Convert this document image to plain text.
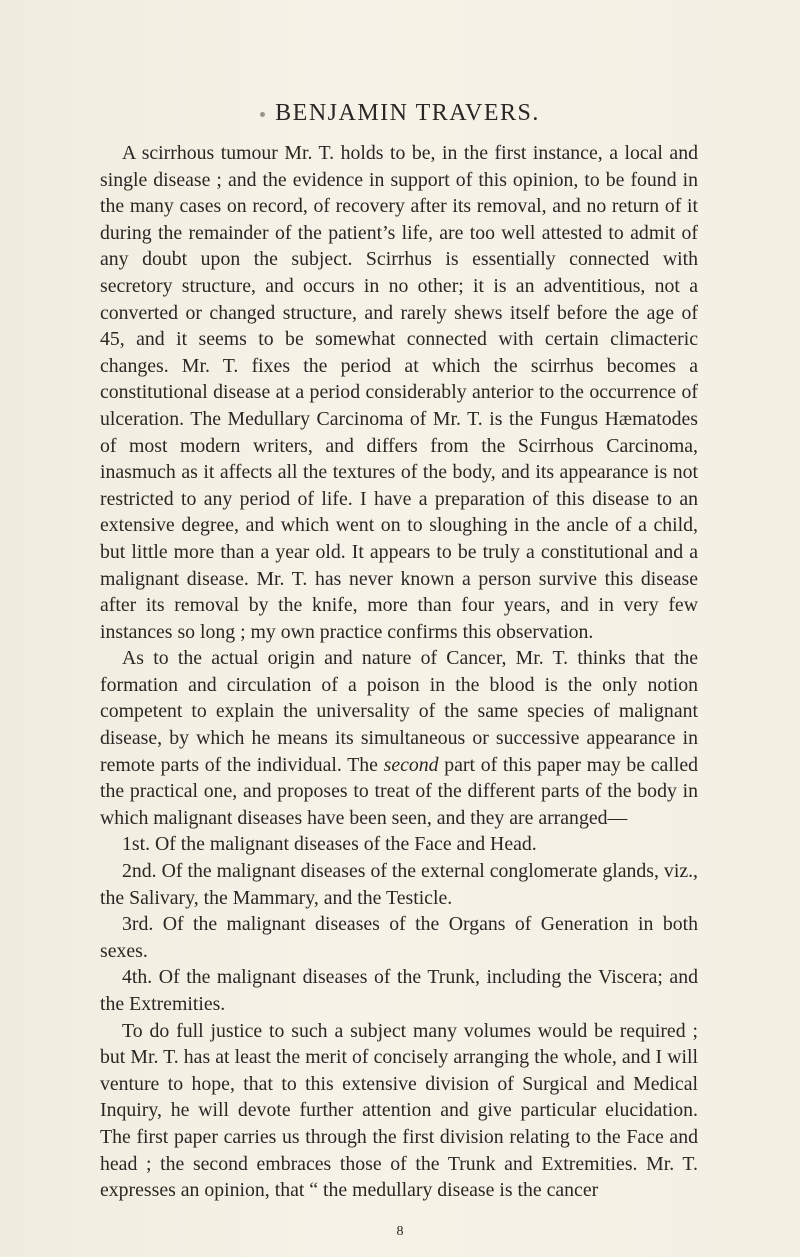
BENJAMIN TRAVERS.

A scirrhous tumour Mr. T. holds to be, in the first instance, a local and single disease ; and the evidence in support of this opinion, to be found in the many cases on record, of recovery after its removal, and no return of it during the remainder of the patient’s life, are too well attested to admit of any doubt upon the subject. Scirrhus is essentially connected with secretory structure, and occurs in no other; it is an adventitious, not a converted or changed structure, and rarely shews itself before the age of 45, and it seems to be somewhat connected with certain climacteric changes. Mr. T. fixes the period at which the scirrhus becomes a constitutional disease at a period considerably anterior to the occurrence of ulceration. The Medullary Carcinoma of Mr. T. is the Fungus Hæmatodes of most modern writers, and differs from the Scirrhous Carcinoma, inasmuch as it affects all the textures of the body, and its appearance is not restricted to any period of life. I have a preparation of this disease to an extensive degree, and which went on to sloughing in the ancle of a child, but little more than a year old. It appears to be truly a constitutional and a malignant disease. Mr. T. has never known a person survive this disease after its removal by the knife, more than four years, and in very few instances so long ; my own practice confirms this observation.

As to the actual origin and nature of Cancer, Mr. T. thinks that the formation and circulation of a poison in the blood is the only notion competent to explain the universality of the same species of malignant disease, by which he means its simultaneous or successive appearance in remote parts of the individual. The second part of this paper may be called the practical one, and proposes to treat of the different parts of the body in which malignant diseases have been seen, and they are arranged—

1st. Of the malignant diseases of the Face and Head.

2nd. Of the malignant diseases of the external conglomerate glands, viz., the Salivary, the Mammary, and the Testicle.

3rd. Of the malignant diseases of the Organs of Generation in both sexes.

4th. Of the malignant diseases of the Trunk, including the Viscera; and the Extremities.

To do full justice to such a subject many volumes would be required ; but Mr. T. has at least the merit of concisely arranging the whole, and I will venture to hope, that to this extensive division of Surgical and Medical Inquiry, he will devote further attention and give particular elucidation. The first paper carries us through the first division relating to the Face and head ; the second embraces those of the Trunk and Extremities. Mr. T. expresses an opinion, that “ the medullary disease is the cancer

8
